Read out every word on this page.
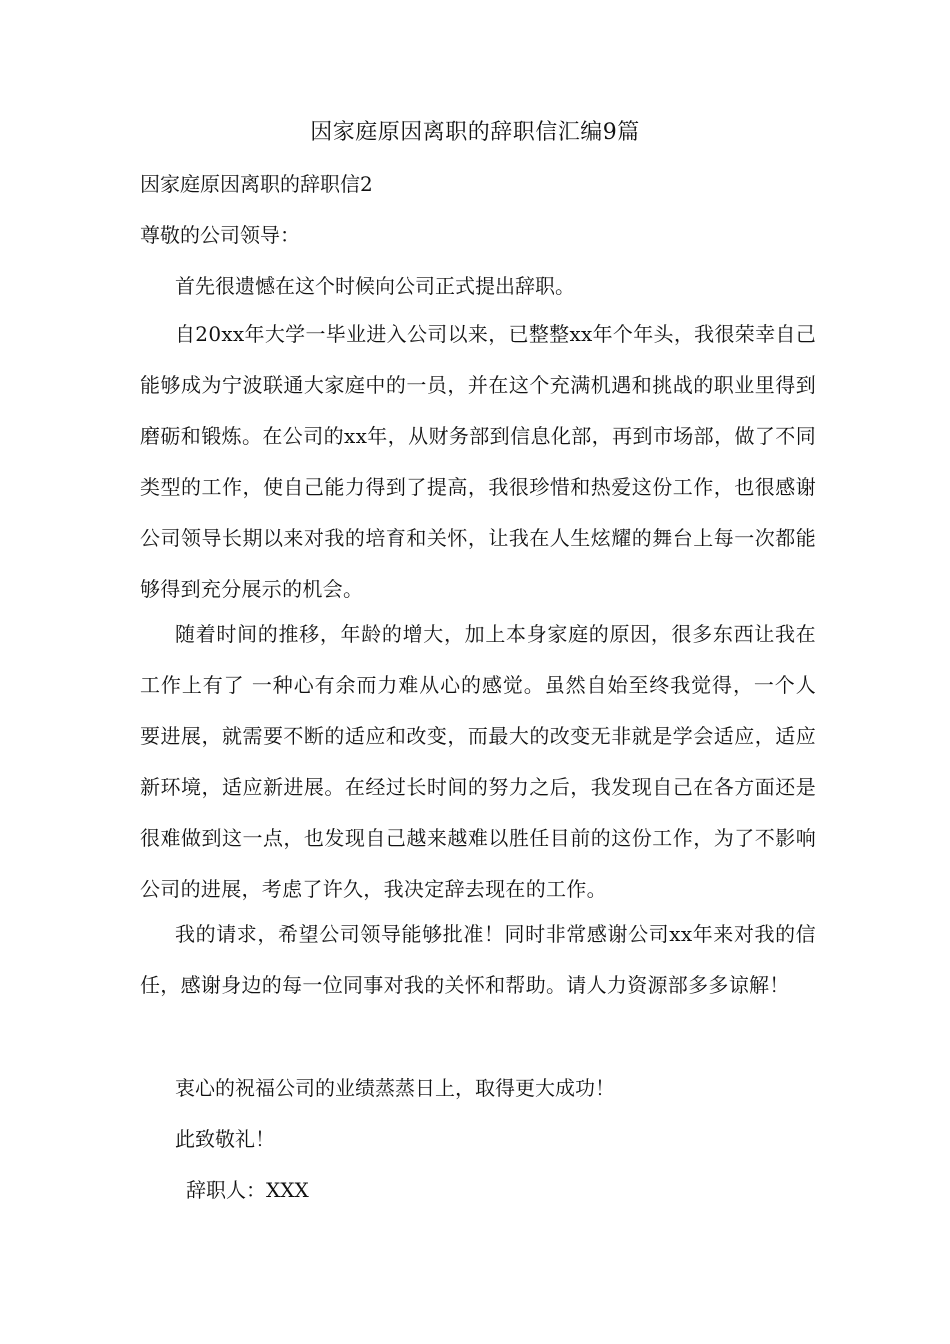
因家庭原因离职的辞职信汇编9篇
因家庭原因离职的辞职信2
尊敬的公司领导：
首先很遗憾在这个时候向公司正式提出辞职。
自20xx年大学一毕业进入公司以来，已整整xx年个年头，我很荣幸自己能够成为宁波联通大家庭中的一员，并在这个充满机遇和挑战的职业里得到磨砺和锻炼。在公司的xx年，从财务部到信息化部，再到市场部，做了不同类型的工作，使自己能力得到了提高，我很珍惜和热爱这份工作，也很感谢公司领导长期以来对我的培育和关怀，让我在人生炫耀的舞台上每一次都能够得到充分展示的机会。
随着时间的推移，年龄的增大，加上本身家庭的原因，很多东西让我在工作上有了 一种心有余而力难从心的感觉。虽然自始至终我觉得，一个人要进展，就需要不断的适应和改变，而最大的改变无非就是学会适应，适应新环境，适应新进展。在经过长时间的努力之后，我发现自己在各方面还是很难做到这一点，也发现自己越来越难以胜任目前的这份工作，为了不影响公司的进展，考虑了许久，我决定辞去现在的工作。
我的请求，希望公司领导能够批准！同时非常感谢公司xx年来对我的信任，感谢身边的每一位同事对我的关怀和帮助。请人力资源部多多谅解！
衷心的祝福公司的业绩蒸蒸日上，取得更大成功！
此致敬礼！
辞职人：XXX
